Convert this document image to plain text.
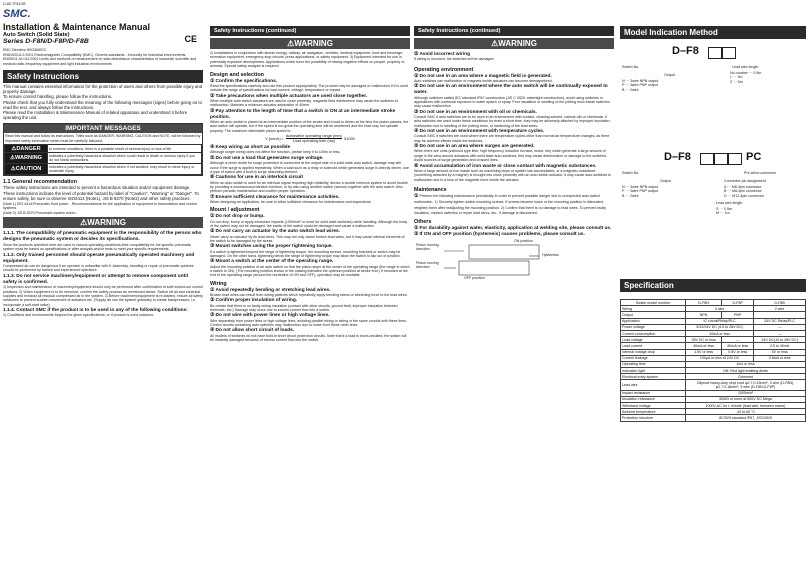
D-85-TF81GB
SMC.
Installation & Maintenance Manual
Auto Switch (Solid State)
Series D-F8N/D-F8P/D-F8B	CE
EMC Directive 89/336/EEC
EN61000-6-2:2001 Electromagnetic Compatibility (EMC). Generic standards - Immunity for industrial environments.
EN55011 A1+A2:2001 Limits and methods of measurement of radio disturbance characteristics of industrial, scientific and medical radio-frequency equipment and light industrial environments.
Safety Instructions
This manual contains essential information for the protection of users and others from possible injury and property damage.
To ensure correct handling, please follow the instructions.
Please check that you fully understand the meaning of the following messages (signs) before going on to read the text, and always follow the instructions.
Please read the Installation & Maintenance Manual of related apparatus and understand it before operating the unit.
IMPORTANT MESSAGES
Read this manual and follow its instructions. Titles such as DANGER, WARNING, CAUTION and NOTE, will be followed by important safety information which must be carefully followed.
⚠DANGER	In extreme conditions, there is a possible result of serious injury or loss of life.
⚠WARNING	Indicates a potentially hazardous situation which could result in death or serious injury if you do not follow instructions.
⚠CAUTION	Indicates a potentially hazardous situation which if not avoided, may result in minor injury or moderate injury.
1.1 General recommendation
These safety instructions are intended to prevent a hazardous situation and/or equipment damage. These instructions indicate the level of potential hazard by label of "Caution", "Warning" or "Danger". To ensure safety, be sure to observe ISO4414 (Note1), JIS B 8370 (Note2) and other safety practices.
(Note 1) ISO 4414:Pneumatic fluid power - Recommendations for the application of equipment to transmission and control systems.
(Note 2) JIS B 8370:Pneumatic system axiom.
⚠WARNING
1.1.1. The compatibility of pneumatic equipment is the responsibility of the person who designs the pneumatic system or decides its specifications.
Since the products specified here are used in various operating conditions,their compatibility for the specific pneumatic system must be based on specifications or after analysis and/or tests to meet your specific requirements.
1.1.2. Only trained personnel should operate pneumatically operated machinery and equipment.
Compressed air can be dangerous if an operator is unfamiliar with it. Assembly, handling or repair of pneumatic systems should be performed by trained and experienced operators.
1.1.3. Do not service machinery/equipment or attempt to remove component until safety is confirmed.
1) Inspection and maintenance of machinery/equipment should only be performed after confirmation of safe locked-out control positions. 2) When equipment is to be removed, confirm the safety process as mentioned above. Switch off air and electrical supplies and exhaust all residual compressed air in the system. 3) Before machinery/equipment is re-started, ensure all safety measures to prevent sudden movement of actuators etc. (Supply air into the system gradually to create backpressure, i.e. incorporate a soft-start valve).
1.1.4. Contact SMC if the product is to be used in any of the following conditions:
1) Conditions and environments beyond the given specifications, or if product is used outdoors.
Safety Instructions (continued)
⚠WARNING
2) Installations in conjunction with atomic energy, railway, air navigation, vehicles, medical equipment, food and beverage, recreation equipment, emergency stop circuits, press applications, or safety equipment. 3) Equipment intended for use in potentially explosive atmospheres. Applications which have the possibility of having negative effects on people, property or animals. Special safety analysis is required.
Design and selection
① Confirm the specifications.
Read the specifications carefully and use this product appropriately. The product may be damaged or malfunction if it is used outside the range of specifications for load current, voltage, temperature or impact.
② Take precautions when multiple actuators are used close together.
When multiple auto switch actuators are used in close proximity, magnetic field interference may cause the switches to malfunction. Maintain a minimum actuator separation of 40mm.
③ Pay attention to the length of time that a switch is ON at an intermediate stroke position.
When an auto switch is placed at an intermediate position of the stroke and a load is driven at the time the piston passes, the auto switch will operate, but if the speed is too great the operating time will be shortened and the load may not operate properly. The maximum detectable piston speed is:
V (mm/s) =
Autoswitch operating range (mm)
Load operating time (ms)
X1000
④ Keep wiring as short as possible
Although longer wiring does not affect the function, please keep it to 100m or less.
⑤ Do not use a load that generates surge voltage.
Although a zener diode for surge protection is connected at the output side of a solid state auto switch, damage may still occur if the surge is applied repeatedly. When a load such as a relay or solenoid which generates surge is directly driven, use a type of switch with a built-in surge absorbing element.
⑥ Cautions for use in an interlock circuit
When an auto switch is used for an interlock signal requiring high reliability, devise a double interlock system to avoid trouble by providing a mechanical protection function, or by also using another switch (sensor) together with the auto switch. Also perform periodic maintenance and confirm proper operation.
⑦ Ensure sufficient clearance for maintenance activities.
When designing an application, be sure to allow sufficient clearance for maintenance and inspections.
Mount / adjustment
① Do not drop or bump.
Do not drop, bump or apply excessive impacts (1000m/s² or more for solid state switches) while handling. Although the body of the switch may not be damaged, the inside of the switch could be damaged and cause a malfunction.
② Do not carry an actuator by the auto switch lead wires.
Never carry an actuator by its lead wires. This may not only cause broken lead wires, but it may cause internal elements of the switch to be damaged by the stress.
③ Mount switches using the proper tightening torque.
If a switch is tightened beyond the range of tightening torque, the mounting screws, mounting brackets or switch may be damaged. On the other hand, tightening below the range of tightening torque may allow the switch to slip out of position.
④ Mount a switch at the center of the operating range.
Adjust the mounting position of an auto switch so that the piston stops at the center of the operating range (the range in which a switch is ON). (The mounting position shown in the catalog indicates the optimum position at stroke end.) If mounted at the end of the operating range (around the borderline of ON and OFF), operation may be unstable.
Wiring
① Avoid repeatedly bending or stretching lead wires.
Broken lead wires can result from wiring patterns which repeatedly apply bending stress or stretching force to the lead wires.
② Confirm proper insulation of wiring.
Be certain that there is no faulty wiring insulation (contact with other circuits, ground fault, improper insulation between terminals, etc.) Damage may occur due to excess current flow into a switch.
③ Do not wire with power lines or high voltage lines.
Wire separately from power lines or high voltage lines, avoiding parallel wiring or wiring in the same conduit with these lines. Control circuits containing auto switches may malfunction due to noise from these other lines.
④ Do not allow short circuit of loads.
All models of switches do not have built-in short circuit protection circuits. Note that if a load is short-circuited, the switch will be instantly damaged because of excess current flow into the switch.
Safety Instructions (continued)
⚠WARNING
⑤ Avoid incorrect wiring
If wiring is incorrect, the switches will be damaged.
Operating environment
① Do not use in an area where a magnetic field is generated.
Auto switches can malfunction or magnets inside actuators can become demagnetized.
② Do not use in an environment where the auto switch will be continually exposed to water.
Although switches satisfy IEC standard IP67 construction (JIS C 0920: watertight construction), avoid using switches in applications with continual exposure to water splash or spray. Poor insulation or swelling of the potting resin inside switches may cause malfunction.
③ Do not use in an environment with oil or chemicals.
Consult SMC if auto switches are to be used in an environment with coolant, cleaning solvent, various oils or chemicals. If auto switches are used under these conditions for even a short time, they may be adversely affected by improper insulation, malfunction due to swelling of the potting resin, or hardening of the lead wires.
④ Do not use in an environment with temperature cycles.
Consult SMC if switches are used where there are temperature cycles other than normal air temperature changes, as there may be adverse effects inside the switches.
⑤ Do not use in an area where surges are generated.
When there are units (solenoid type lifter, high frequency induction furnace, motor, etc) which generate a large amount of surge in the area around actuators with solid state auto switches, this may cause deterioration or damage to the switches. Avoid sources of surge generation and crossed lines.
⑥ Avoid accumulation of iron waste or close contact with magnetic substances.
When a large amount of iron waste such as machining chips or spatter has accumulated, or a magnetic substance (something attracted by a magnet) is brought into close proximity with an auto switch actuator, it may cause auto switches to malfunction due to a loss of the magnetic force inside the actuator.
Maintenance
① Perform the following maintenance periodically in order to prevent possible danger due to unexpected auto switch malfunction. 1) Securely tighten switch mounting screws. If screws become loose or the mounting position is dislocated, retighten them after readjusting the mounting position. 2) Confirm that there is no damage to lead wires. To prevent faulty insulation, replace switches or repair lead wires, etc., if damage is discovered.
Others
① For durability against water, elasticity, application at welding site, please consult us.
② If ON and OFF position (hysteresis) causes problems, please consult us.
ON position
Piston moving direction
Hysteresis
Piston moving direction
OFF position
Model Indication Method
D–F8
Switch No.	Lead wire length
Output
N ··· 3wire NPN output
P ··· 3wire PNP output
B ··· 2wire
No number ··· 0.5m
L ··· 3m
Z ··· 5m
D–F8	PC
Pre-wired connector
Connector pin assignment
A ··· M8-3pin connector
B ··· M8-4pin connector
D ··· M12-4pin connector
Lead wire length
S ··· 0.5m
M ··· 1m
Switch No.
Output
N ··· 3wire NPN output
P ··· 3wire PNP output
B ··· 2wire
Specification
Switch model number	D-F8N	D-F8P	D-F8B
Wiring	3 wire		2 wire
Output	NPN	PNP	
Application	IC circuit/Relay/PLC		24V DC Relay/PLC
Power voltage	5/12/24V DC (4.5 to 28V DC)		—
Current consumption	10mA or less		—
Load voltage	28V DC or less	—	24V DC(10 to 28V DC)
Load current	40mA or less	80mA or less	2.5 to 40mA
Internal voltage drop	1.5V or less	0.8V or less	4V or less
Current leakage	100μA or less at 24V DC		0.8mA or less
Operating time	1ms or less		
Indication light	ON: Red light emitting diode		
Electrical entry system	Grommet		
Lead wire	Oilproof heavy-duty vinyl cord φ2.7,0.15mm², 3 wire (D-F8N), φ2.7,0.18mm², 3 wire (D-F8N,D-F8P)		
Impact resistance	1000m/s²		
Insulation resistance	50MΩ or more at 500V DC Mega		
Withstand voltage	1000V AC for 1 minute (lead wire, between cases)		
Ambient temperature	-10 to 60 °C		
Protection structure	IEC529 standard IP67, JISC0920		
